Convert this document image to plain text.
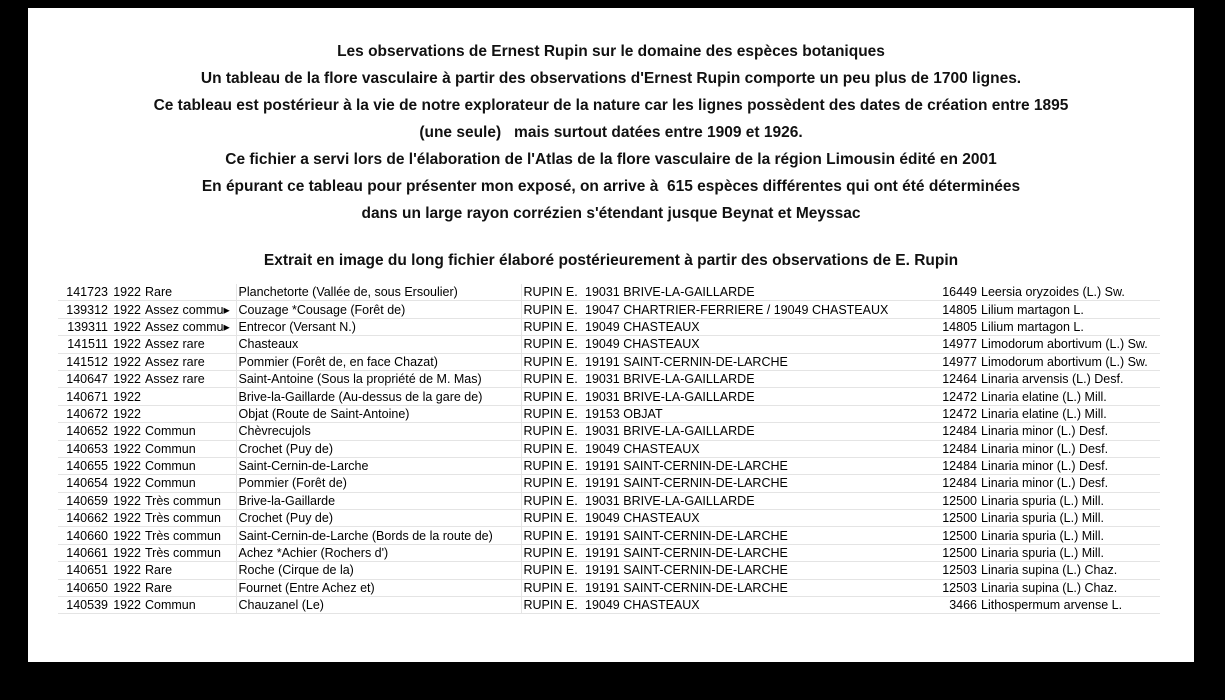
Les observations de Ernest Rupin sur le domaine des espèces botaniques
Un tableau de la flore vasculaire à partir des observations d'Ernest Rupin comporte un peu plus de 1700 lignes.
Ce tableau est postérieur à la vie de notre explorateur de la nature car les lignes possèdent des dates de création entre 1895
(une seule)   mais surtout datées entre 1909 et 1926.
Ce fichier a servi lors de l'élaboration de l'Atlas de la flore vasculaire de la région Limousin édité en 2001
En épurant ce tableau pour présenter mon exposé, on arrive à  615 espèces différentes qui ont été déterminées
dans un large rayon corrézien s'étendant jusque Beynat et Meyssac
Extrait en image du long fichier élaboré postérieurement à partir des observations de E. Rupin
141723	1922	Rare	Planchetorte (Vallée de, sous Ersoulier)	RUPIN E.	19031 BRIVE-LA-GAILLARDE	16449	Leersia oryzoides (L.) Sw.
139312	1922	Assez commu▸	Couzage *Cousage (Forêt de)	RUPIN E.	19047 CHARTRIER-FERRIERE / 19049 CHASTEAUX	14805	Lilium martagon L.
139311	1922	Assez commu▸	Entrecor (Versant N.)	RUPIN E.	19049 CHASTEAUX	14805	Lilium martagon L.
141511	1922	Assez rare	Chasteaux	RUPIN E.	19049 CHASTEAUX	14977	Limodorum abortivum (L.) Sw.
141512	1922	Assez rare	Pommier (Forêt de, en face Chazat)	RUPIN E.	19191 SAINT-CERNIN-DE-LARCHE	14977	Limodorum abortivum (L.) Sw.
140647	1922	Assez rare	Saint-Antoine (Sous la propriété de M. Mas)	RUPIN E.	19031 BRIVE-LA-GAILLARDE	12464	Linaria arvensis (L.) Desf.
140671	1922		Brive-la-Gaillarde (Au-dessus de la gare de)	RUPIN E.	19031 BRIVE-LA-GAILLARDE	12472	Linaria elatine (L.) Mill.
140672	1922		Objat (Route de Saint-Antoine)	RUPIN E.	19153 OBJAT	12472	Linaria elatine (L.) Mill.
140652	1922	Commun	Chèvrecujols	RUPIN E.	19031 BRIVE-LA-GAILLARDE	12484	Linaria minor (L.) Desf.
140653	1922	Commun	Crochet (Puy de)	RUPIN E.	19049 CHASTEAUX	12484	Linaria minor (L.) Desf.
140655	1922	Commun	Saint-Cernin-de-Larche	RUPIN E.	19191 SAINT-CERNIN-DE-LARCHE	12484	Linaria minor (L.) Desf.
140654	1922	Commun	Pommier (Forêt de)	RUPIN E.	19191 SAINT-CERNIN-DE-LARCHE	12484	Linaria minor (L.) Desf.
140659	1922	Très commun	Brive-la-Gaillarde	RUPIN E.	19031 BRIVE-LA-GAILLARDE	12500	Linaria spuria (L.) Mill.
140662	1922	Très commun	Crochet (Puy de)	RUPIN E.	19049 CHASTEAUX	12500	Linaria spuria (L.) Mill.
140660	1922	Très commun	Saint-Cernin-de-Larche (Bords de la route de)	RUPIN E.	19191 SAINT-CERNIN-DE-LARCHE	12500	Linaria spuria (L.) Mill.
140661	1922	Très commun	Achez *Achier (Rochers d')	RUPIN E.	19191 SAINT-CERNIN-DE-LARCHE	12500	Linaria spuria (L.) Mill.
140651	1922	Rare	Roche (Cirque de la)	RUPIN E.	19191 SAINT-CERNIN-DE-LARCHE	12503	Linaria supina (L.) Chaz.
140650	1922	Rare	Fournet (Entre Achez et)	RUPIN E.	19191 SAINT-CERNIN-DE-LARCHE	12503	Linaria supina (L.) Chaz.
140539	1922	Commun	Chauzanel (Le)	RUPIN E.	19049 CHASTEAUX	3466	Lithospermum arvense L.
